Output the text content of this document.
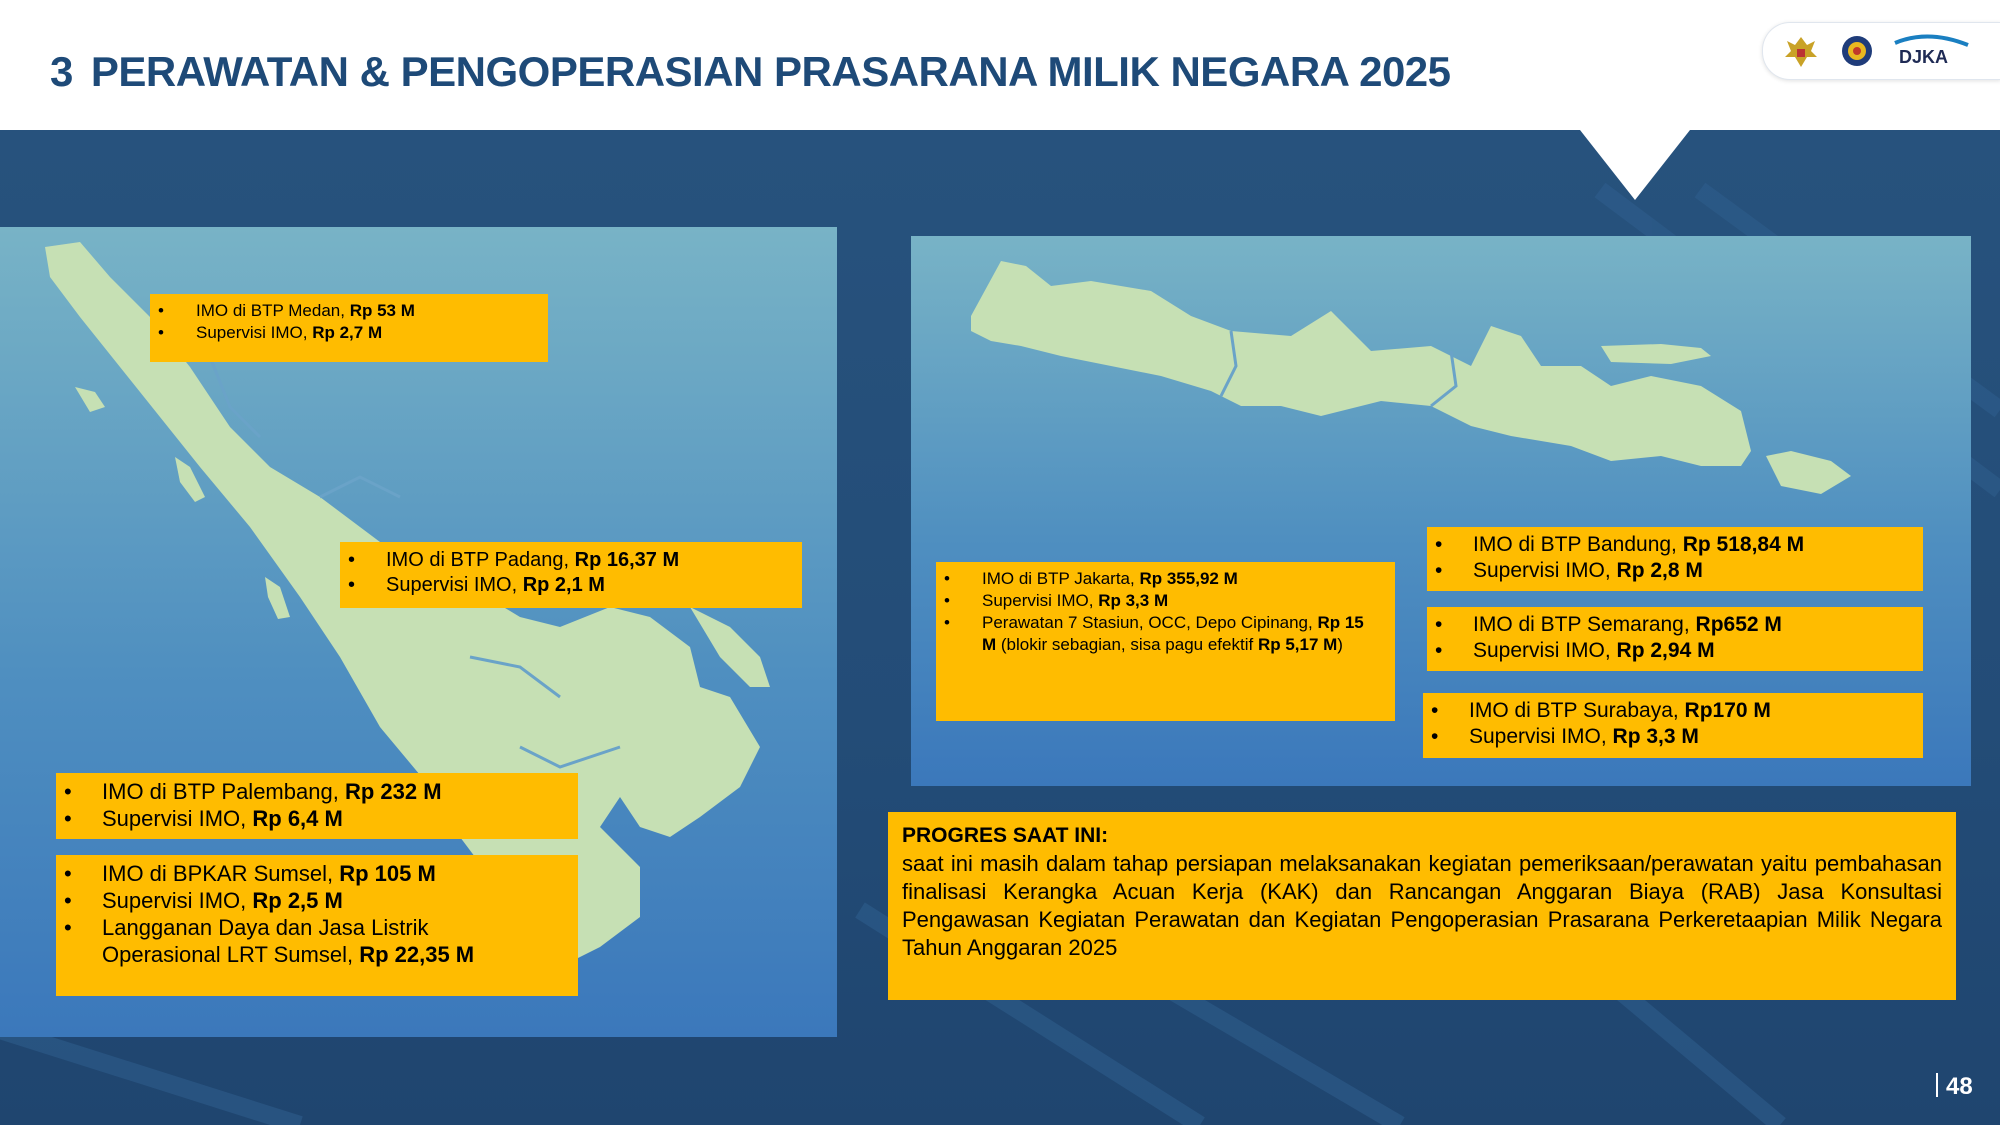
3 PERAWATAN & PENGOPERASIAN PRASARANA MILIK NEGARA 2025	DJKA
• IMO di BTP Medan, Rp 53 M
• Supervisi IMO, Rp 2,7 M
• IMO di BTP Padang, Rp 16,37 M
• Supervisi IMO, Rp 2,1 M
• IMO di BTP Palembang, Rp 232 M
• Supervisi IMO, Rp 6,4 M
• IMO di BPKAR Sumsel, Rp 105 M
• Supervisi IMO, Rp 2,5 M
• Langganan Daya dan Jasa Listrik Operasional LRT Sumsel, Rp 22,35 M
• IMO di BTP Jakarta, Rp 355,92 M
• Supervisi IMO, Rp 3,3 M
• Perawatan 7 Stasiun, OCC, Depo Cipinang, Rp 15 M (blokir sebagian, sisa pagu efektif Rp 5,17 M)
• IMO di BTP Bandung, Rp 518,84 M
• Supervisi IMO, Rp 2,8 M
• IMO di BTP Semarang, Rp652 M
• Supervisi IMO, Rp 2,94 M
• IMO di BTP Surabaya, Rp170 M
• Supervisi IMO, Rp 3,3 M
PROGRES SAAT INI:
saat ini masih dalam tahap persiapan melaksanakan kegiatan pemeriksaan/perawatan yaitu pembahasan finalisasi Kerangka Acuan Kerja (KAK) dan Rancangan Anggaran Biaya (RAB) Jasa Konsultasi Pengawasan Kegiatan Perawatan dan Kegiatan Pengoperasian Prasarana Perkeretaapian Milik Negara Tahun Anggaran 2025
48
